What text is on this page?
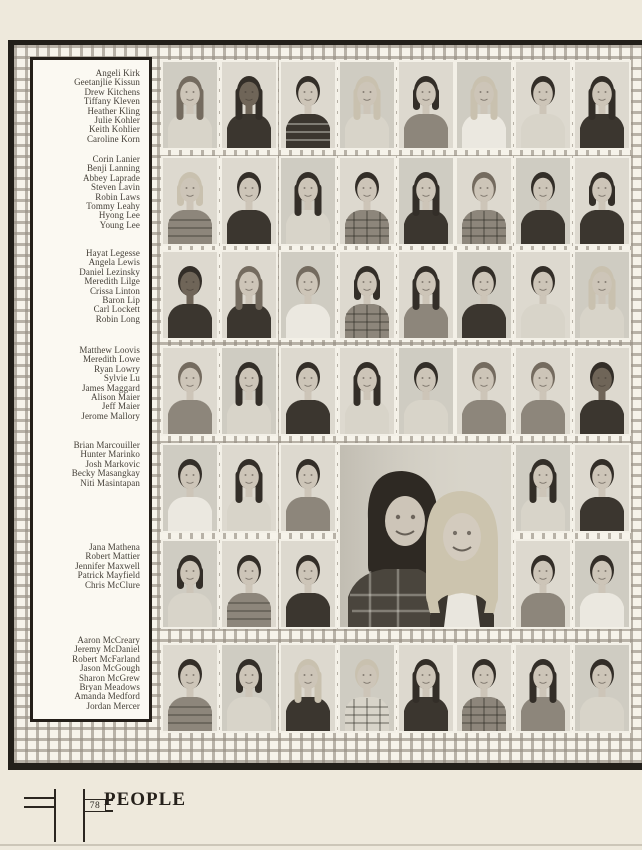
Angeli Kirk
Geetanjlie Kissun
Drew Kitchens
Tiffany Kleven
Heather Kling
Julie Kohler
Keith Kohlier
Caroline Korn
Corin Lanier
Benji Lanning
Abbey Laprade
Steven Lavin
Robin Laws
Tommy Leahy
Hyong Lee
Young Lee
Hayat Legesse
Angela Lewis
Daniel Lezinsky
Meredith Lilge
Crissa Linton
Baron Lip
Carl Lockett
Robin Long
Matthew Loovis
Meredith Lowe
Ryan Lowry
Sylvie Lu
James Maggard
Alison Maier
Jeff Maier
Jerome Mallory
Brian Marcouiller
Hunter Marinko
Josh Markovic
Becky Masangkay
Niti Masintapan
Jana Mathena
Robert Mattier
Jennifer Maxwell
Patrick Mayfield
Chris McClure
Aaron McCreary
Jeremy McDaniel
Robert McFarland
Jason McGough
Sharon McGrew
Bryan Meadows
Amanda Medford
Jordan Mercer
78 PEOPLE
